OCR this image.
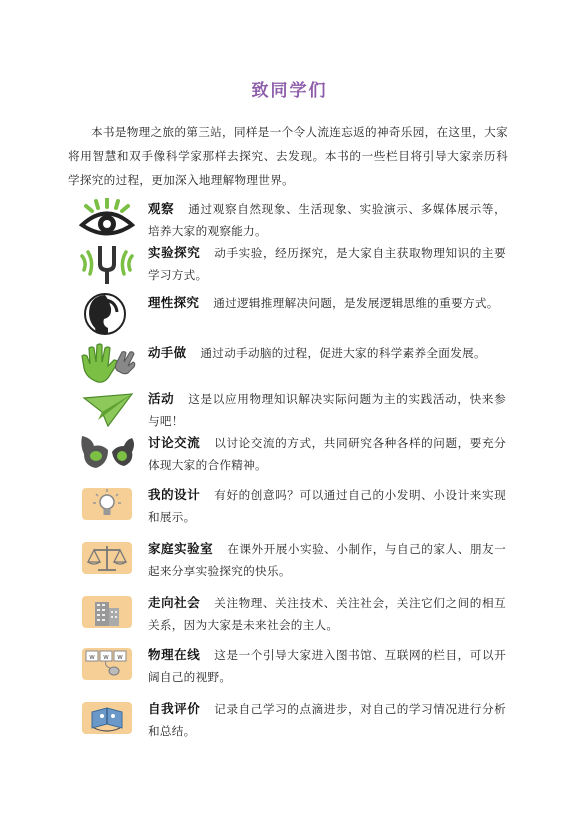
致同学们
本书是物理之旅的第三站，同样是一个令人流连忘返的神奇乐园，在这里，大家将用智慧和双手像科学家那样去探究、去发现。本书的一些栏目将引导大家亲历科学探究的过程，更加深入地理解物理世界。
观察 通过观察自然现象、生活现象、实验演示、多媒体展示等，培养大家的观察能力。
实验探究 动手实验，经历探究，是大家自主获取物理知识的主要学习方式。
理性探究 通过逻辑推理解决问题，是发展逻辑思维的重要方式。
动手做 通过动手动脑的过程，促进大家的科学素养全面发展。
活动 这是以应用物理知识解决实际问题为主的实践活动，快来参与吧！
讨论交流 以讨论交流的方式，共同研究各种各样的问题，要充分体现大家的合作精神。
我的设计 有好的创意吗？可以通过自己的小发明、小设计来实现和展示。
家庭实验室 在课外开展小实验、小制作，与自己的家人、朋友一起来分享实验探究的快乐。
走向社会 关注物理、关注技术、关注社会，关注它们之间的相互关系，因为大家是未来社会的主人。
w w w 物理在线 这是一个引导大家进入图书馆、互联网的栏目，可以开阔自己的视野。
自我评价 记录自己学习的点滴进步，对自己的学习情况进行分析和总结。
